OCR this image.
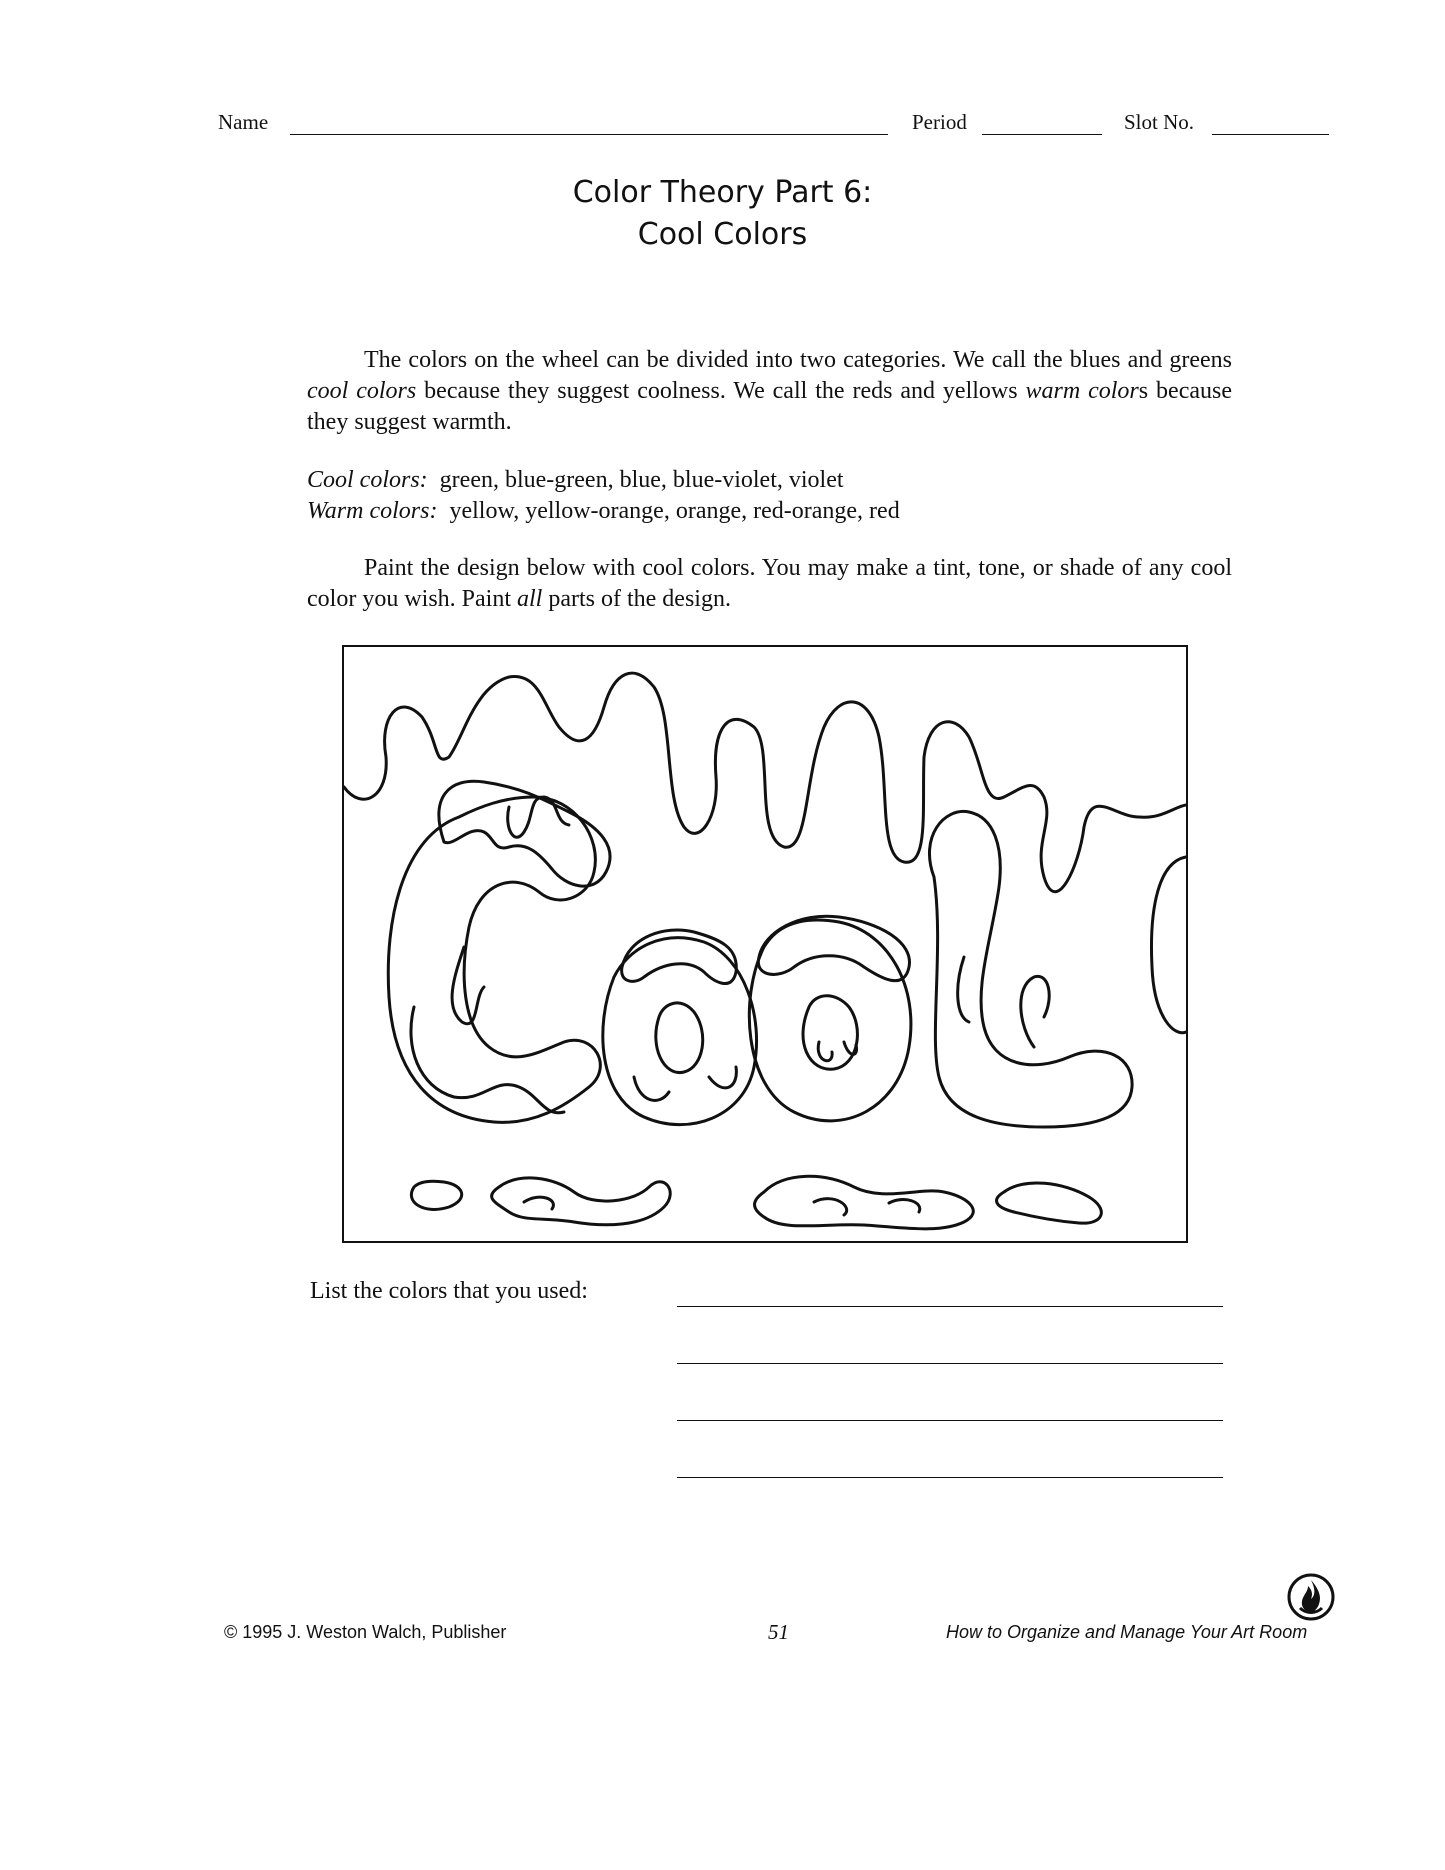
Name	Period	Slot No.
Color Theory Part 6:
Cool Colors
The colors on the wheel can be divided into two categories. We call the blues and greens cool colors because they suggest coolness. We call the reds and yellows warm colors because they suggest warmth.
Cool colors: green, blue-green, blue, blue-violet, violet
Warm colors: yellow, yellow-orange, orange, red-orange, red
Paint the design below with cool colors. You may make a tint, tone, or shade of any cool color you wish. Paint all parts of the design.
List the colors that you used:
© 1995 J. Weston Walch, Publisher	51	How to Organize and Manage Your Art Room
